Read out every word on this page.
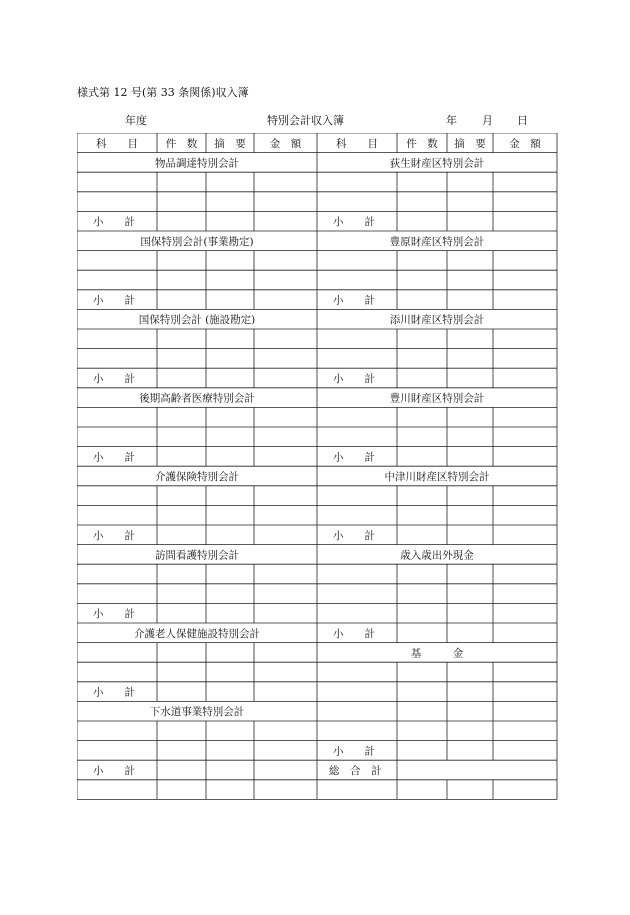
様式第 12 号(第 33 条関係)収入簿
年度	特別会計収入簿	年 月 日
科　　目	件　数 摘　要 金　額
物品調達特別会計
小　　計
国保特別会計(事業勘定)
小　　計
国保特別会計 (施設勘定)
小　　計
後期高齢者医療特別会計
小　　計
介護保険特別会計
小　　計
訪問看護特別会計
小　　計
介護老人保健施設特別会計
小　　計
下水道事業特別会計
小　　計
科　　目	件　数 摘　要 金　額
荻生財産区特別会計
小　　計
豊原財産区特別会計
小　　計
添川財産区特別会計
小　　計
豊川財産区特別会計
小　　計
中津川財産区特別会計
小　　計
歳入歳出外現金
小　　計
基　　　金
小　　計
総　合　計
